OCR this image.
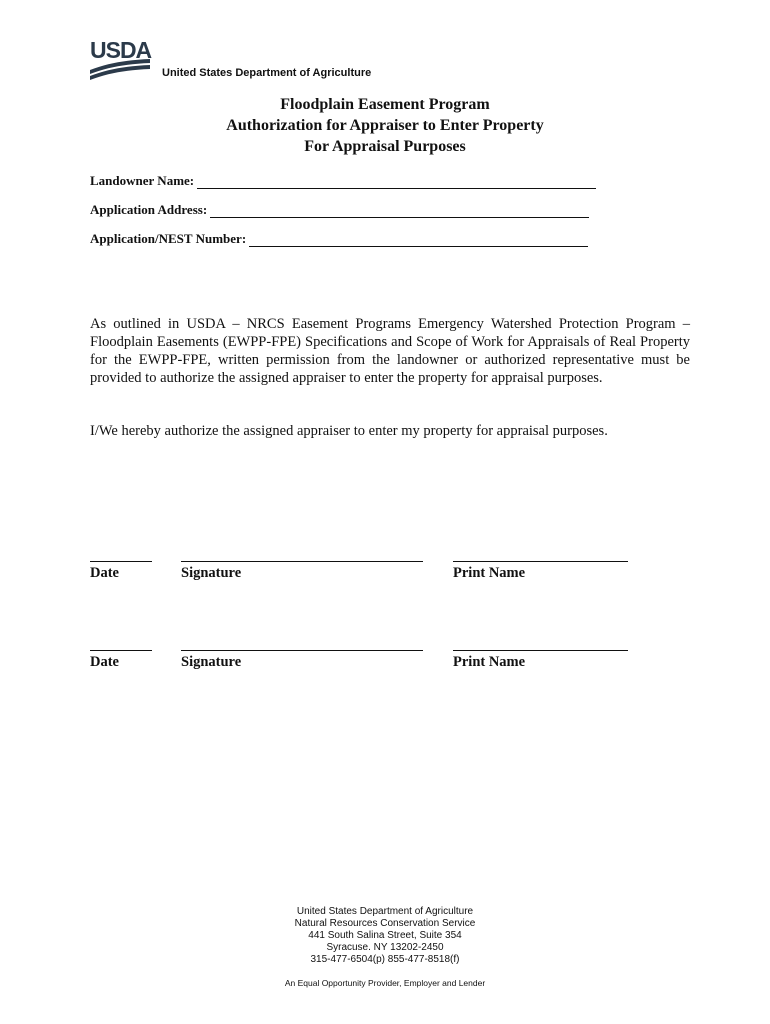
USDA
United States Department of Agriculture
Floodplain Easement Program
Authorization for Appraiser to Enter Property
For Appraisal Purposes
Landowner Name:
Application Address:
Application/NEST Number:
As outlined in USDA – NRCS Easement Programs Emergency Watershed Protection Program – Floodplain Easements (EWPP-FPE) Specifications and Scope of Work for Appraisals of Real Property for the EWPP-FPE, written permission from the landowner or authorized representative must be provided to authorize the assigned appraiser to enter the property for appraisal purposes.
I/We hereby authorize the assigned appraiser to enter my property for appraisal purposes.
Date	Signature	Print Name
Date	Signature	Print Name
United States Department of Agriculture
Natural Resources Conservation Service
441 South Salina Street, Suite 354
Syracuse. NY 13202-2450
315-477-6504(p) 855-477-8518(f)
An Equal Opportunity Provider, Employer and Lender
